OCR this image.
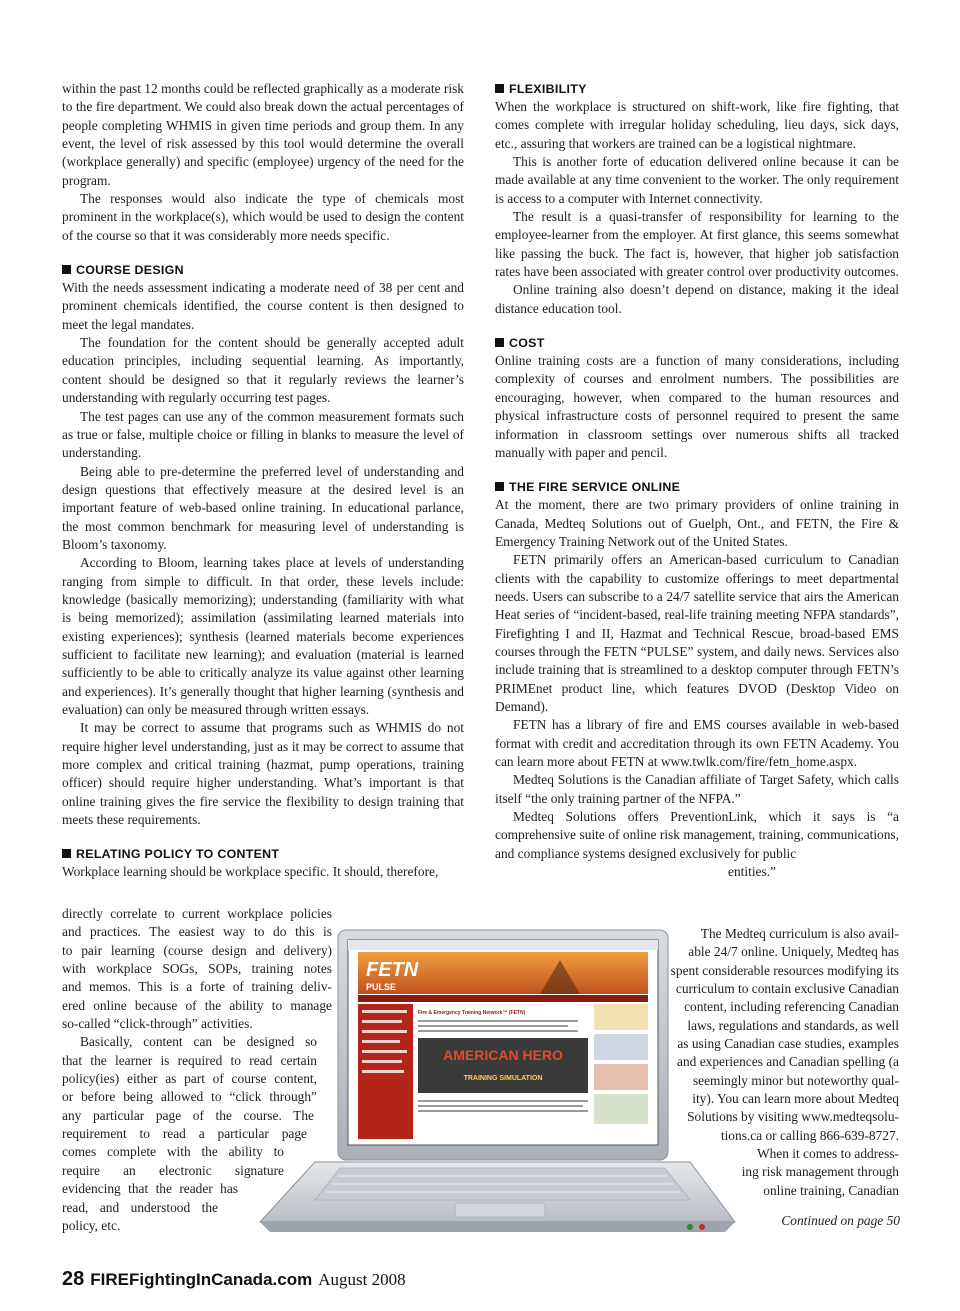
within the past 12 months could be reflected graphically as a moderate risk to the fire department. We could also break down the actual percentages of people completing WHMIS in given time periods and group them. In any event, the level of risk assessed by this tool would determine the overall (workplace generally) and specific (employee) urgency of the need for the program.

The responses would also indicate the type of chemicals most prominent in the workplace(s), which would be used to design the content of the course so that it was considerably more needs specific.

COURSE DESIGN

With the needs assessment indicating a moderate need of 38 per cent and prominent chemicals identified, the course content is then designed to meet the legal mandates.

The foundation for the content should be generally accepted adult education principles, including sequential learning. As importantly, content should be designed so that it regularly reviews the learner’s understanding with regularly occurring test pages.

The test pages can use any of the common measurement formats such as true or false, multiple choice or filling in blanks to measure the level of understanding.

Being able to pre-determine the preferred level of understanding and design questions that effectively measure at the desired level is an important feature of web-based online training. In educational parlance, the most common benchmark for measuring level of understanding is Bloom’s taxonomy.

According to Bloom, learning takes place at levels of understanding ranging from simple to difficult. In that order, these levels include: knowledge (basically memorizing); understanding (familiarity with what is being memorized); assimilation (assimilating learned materials into existing experiences); synthesis (learned materials become experiences sufficient to facilitate new learning); and evaluation (material is learned sufficiently to be able to critically analyze its value against other learning and experiences). It’s generally thought that higher learning (synthesis and evaluation) can only be measured through written essays.

It may be correct to assume that programs such as WHMIS do not require higher level understanding, just as it may be correct to assume that more complex and critical training (hazmat, pump operations, training officer) should require higher understanding. What’s important is that online training gives the fire service the flexibility to design training that meets these requirements.

RELATING POLICY TO CONTENT

Workplace learning should be workplace specific. It should, therefore,

directly correlate to current workplace policies
and practices. The easiest way to do this is
to pair learning (course design and delivery)
with workplace SOGs, SOPs, training notes
and memos. This is a forte of training deliv-
ered online because of the ability to manage
so-called “click-through” activities.
Basically, content can be designed so
that the learner is required to read certain
policy(ies) either as part of course content,
or before being allowed to “click through”
any particular page of the course. The
requirement to read a particular page
comes complete with the ability to
require an electronic signature
evidencing that the reader has
read, and understood the
policy, etc.
FLEXIBILITY

When the workplace is structured on shift-work, like fire fighting, that comes complete with irregular holiday scheduling, lieu days, sick days, etc., assuring that workers are trained can be a logistical nightmare.

This is another forte of education delivered online because it can be made available at any time convenient to the worker. The only requirement is access to a computer with Internet connectivity.

The result is a quasi-transfer of responsibility for learning to the employee-learner from the employer. At first glance, this seems somewhat like passing the buck. The fact is, however, that higher job satisfaction rates have been associated with greater control over productivity outcomes.

Online training also doesn’t depend on distance, making it the ideal distance education tool.

COST

Online training costs are a function of many considerations, including complexity of courses and enrolment numbers. The possibilities are encouraging, however, when compared to the human resources and physical infrastructure costs of personnel required to present the same information in classroom settings over numerous shifts all tracked manually with paper and pencil.

THE FIRE SERVICE ONLINE

At the moment, there are two primary providers of online training in Canada, Medteq Solutions out of Guelph, Ont., and FETN, the Fire & Emergency Training Network out of the United States.

FETN primarily offers an American-based curriculum to Canadian clients with the capability to customize offerings to meet departmental needs. Users can subscribe to a 24/7 satellite service that airs the American Heat series of “incident-based, real-life training meeting NFPA standards”, Firefighting I and II, Hazmat and Technical Rescue, broad-based EMS courses through the FETN “PULSE” system, and daily news. Services also include training that is streamlined to a desktop computer through FETN’s PRIMEnet product line, which features DVOD (Desktop Video on Demand).

FETN has a library of fire and EMS courses available in web-based format with credit and accreditation through its own FETN Academy. You can learn more about FETN at www.twlk.com/fire/fetn_home.aspx.

Medteq Solutions is the Canadian affiliate of Target Safety, which calls itself “the only training partner of the NFPA.”

Medteq Solutions offers PreventionLink, which it says is “a comprehensive suite of online risk management, training, communications, and compliance systems designed exclusively for public

entities.”

The Medteq curriculum is also avail-
able 24/7 online. Uniquely, Medteq has
spent considerable resources modifying its
curriculum to contain exclusive Canadian
content, including referencing Canadian
laws, regulations and standards, as well
as using Canadian case studies, examples
and experiences and Canadian spelling (a
seemingly minor but noteworthy qual-
ity). You can learn more about Medteq
Solutions by visiting www.medteqsolu-
tions.ca or calling 866-639-8727.
When it comes to address-
ing risk management through
online training, Canadian
FETN
PULSE
Fire & Emergency Training Network™ (FETN)
AMERICAN HERO
TRAINING SIMULATION
Continued on page 50
28 FIREFightingInCanada.com August 2008
